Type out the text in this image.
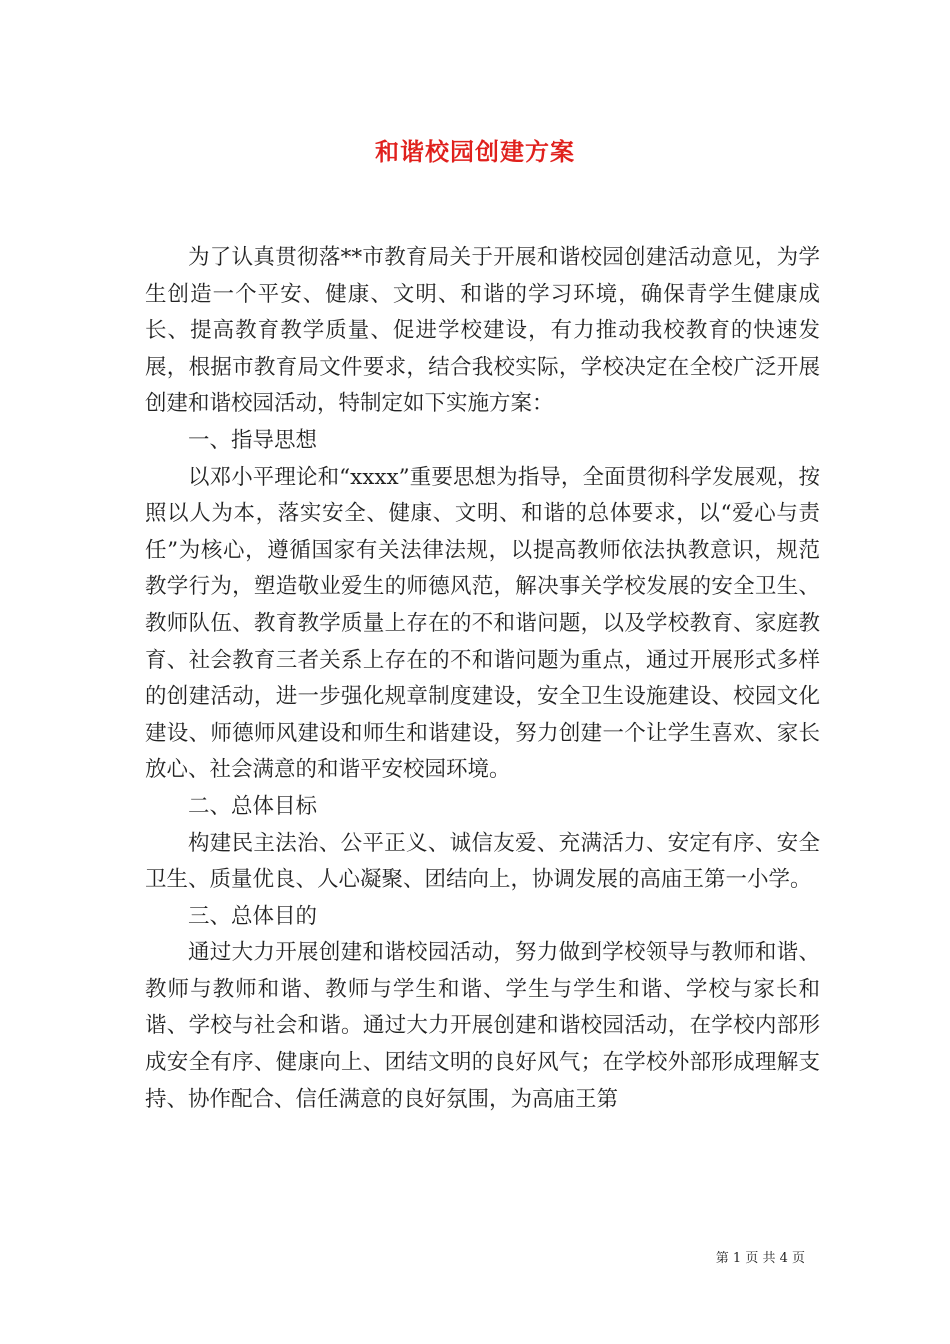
和谐校园创建方案

为了认真贯彻落**市教育局关于开展和谐校园创建活动意见，为学生创造一个平安、健康、文明、和谐的学习环境，确保青学生健康成长、提高教育教学质量、促进学校建设，有力推动我校教育的快速发展，根据市教育局文件要求，结合我校实际，学校决定在全校广泛开展创建和谐校园活动，特制定如下实施方案：

一、指导思想

以邓小平理论和“xxxx”重要思想为指导，全面贯彻科学发展观，按照以人为本，落实安全、健康、文明、和谐的总体要求，以“爱心与责任”为核心，遵循国家有关法律法规，以提高教师依法执教意识，规范教学行为，塑造敬业爱生的师德风范，解决事关学校发展的安全卫生、教师队伍、教育教学质量上存在的不和谐问题，以及学校教育、家庭教育、社会教育三者关系上存在的不和谐问题为重点，通过开展形式多样的创建活动，进一步强化规章制度建设，安全卫生设施建设、校园文化建设、师德师风建设和师生和谐建设，努力创建一个让学生喜欢、家长放心、社会满意的和谐平安校园环境。

二、总体目标

构建民主法治、公平正义、诚信友爱、充满活力、安定有序、安全卫生、质量优良、人心凝聚、团结向上，协调发展的高庙王第一小学。

三、总体目的

通过大力开展创建和谐校园活动，努力做到学校领导与教师和谐、教师与教师和谐、教师与学生和谐、学生与学生和谐、学校与家长和谐、学校与社会和谐。通过大力开展创建和谐校园活动，在学校内部形成安全有序、健康向上、团结文明的良好风气；在学校外部形成理解支持、协作配合、信任满意的良好氛围，为高庙王第

第 1 页 共 4 页
